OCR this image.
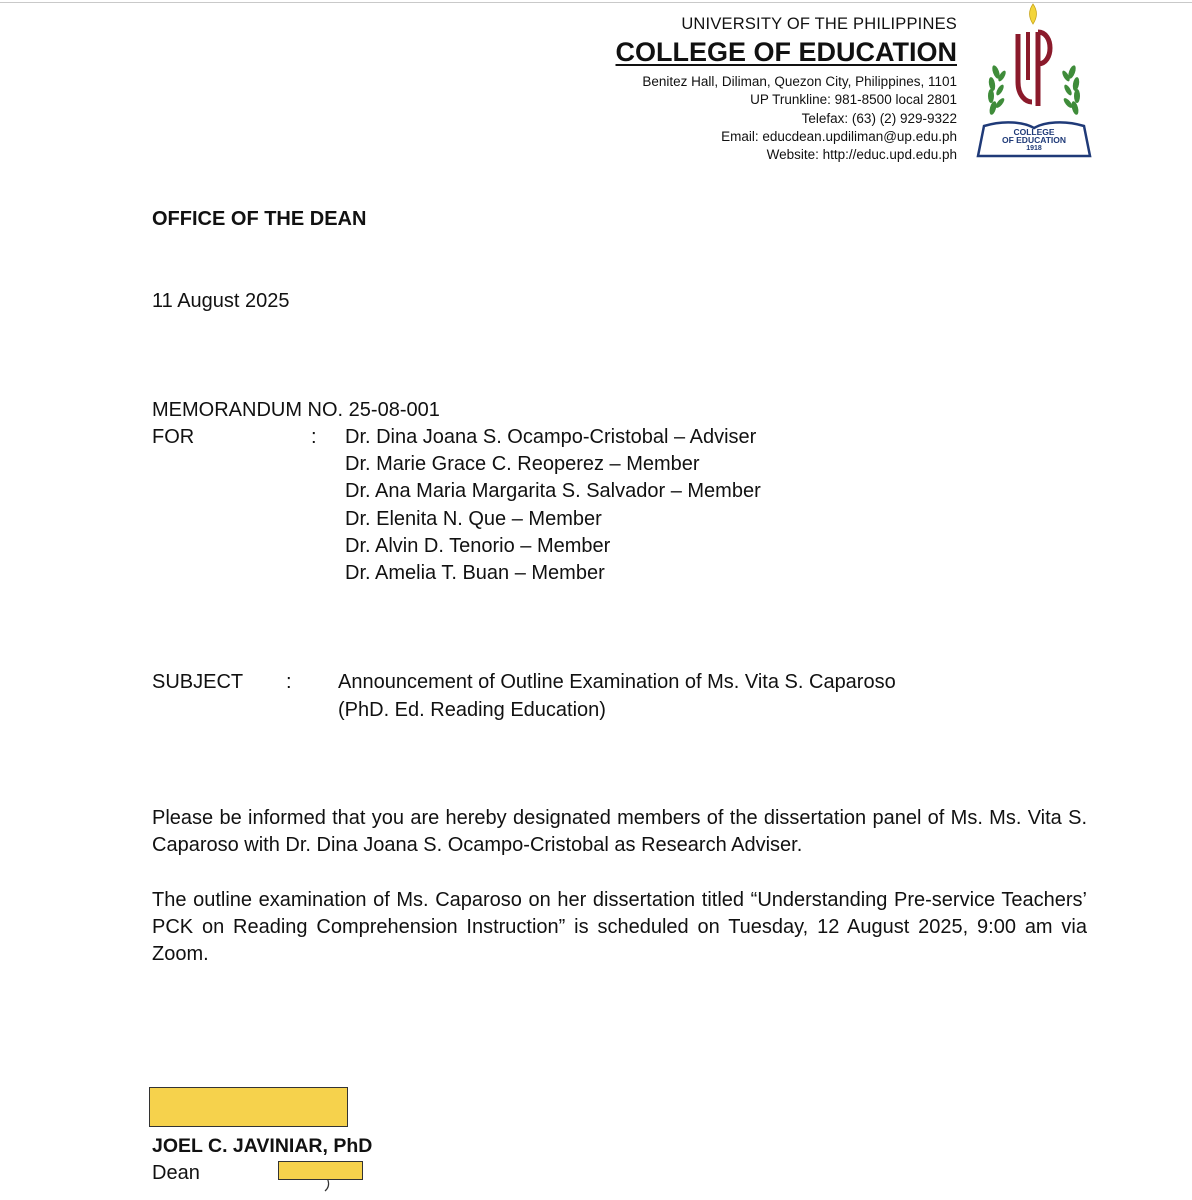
UNIVERSITY OF THE PHILIPPINES
COLLEGE OF EDUCATION
Benitez Hall, Diliman, Quezon City, Philippines, 1101
UP Trunkline: 981-8500 local 2801
Telefax: (63) (2) 929-9322
Email: educdean.updiliman@up.edu.ph
Website: http://educ.upd.edu.ph
COLLEGE
OF EDUCATION
1918
OFFICE OF THE DEAN
11 August 2025
MEMORANDUM NO. 25-08-001
FOR	: Dr. Dina Joana S. Ocampo-Cristobal – Adviser
Dr. Marie Grace C. Reoperez – Member
Dr. Ana Maria Margarita S. Salvador – Member
Dr. Elenita N. Que – Member
Dr. Alvin D. Tenorio – Member
Dr. Amelia T. Buan – Member
SUBJECT : Announcement of Outline Examination of Ms. Vita S. Caparoso
(PhD. Ed. Reading Education)
Please be informed that you are hereby designated members of the dissertation panel of Ms. Ms. Vita S. Caparoso with Dr. Dina Joana S. Ocampo-Cristobal as Research Adviser.
The outline examination of Ms. Caparoso on her dissertation titled “Understanding Pre-service Teachers’ PCK on Reading Comprehension Instruction” is scheduled on Tuesday, 12 August 2025, 9:00 am via Zoom.
JOEL C. JAVINIAR, PhD
Dean
